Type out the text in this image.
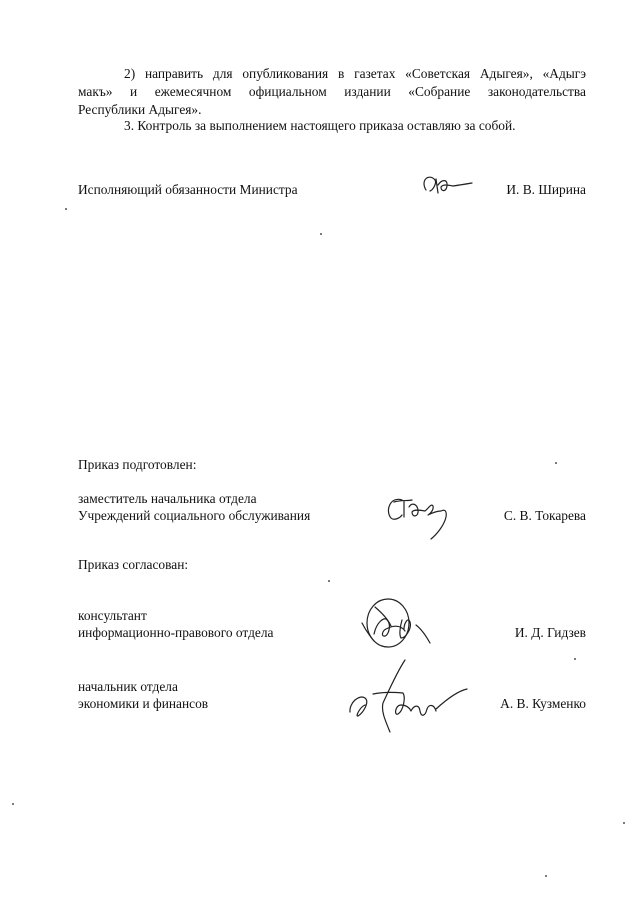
2) направить для опубликования в газетах «Советская Адыгея», «Адыгэ
макъ» и ежемесячном официальном издании «Собрание законодательства
Республики Адыгея».
3. Контроль за выполнением настоящего приказа оставляю за собой.
Исполняющий обязанности Министра	И. В. Ширина
Приказ подготовлен:
заместитель начальника отдела
Учреждений социального обслуживания	С. В. Токарева
Приказ согласован:
консультант
информационно-правового отдела	И. Д. Гидзев
начальник отдела
экономики и финансов	А. В. Кузменко
